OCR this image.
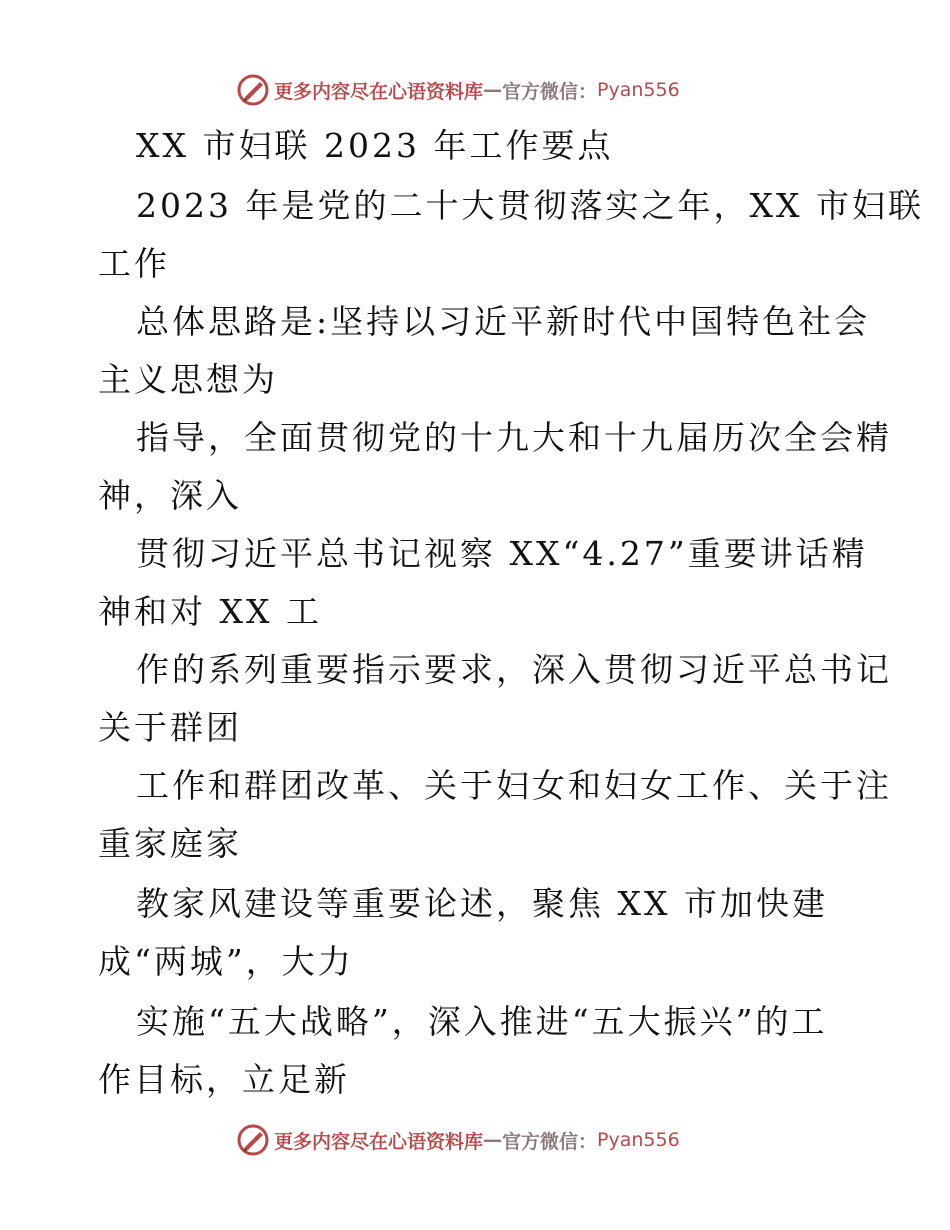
更多内容尽在心语资料库 — 官方微信： Pyan556
XX 市妇联 2023 年工作要点
2023 年是党的二十大贯彻落实之年，XX 市妇联
工作
总体思路是:坚持以习近平新时代中国特色社会
主义思想为
指导，全面贯彻党的十九大和十九届历次全会精
神，深入
贯彻习近平总书记视察 XX“4.27”重要讲话精
神和对 XX 工
作的系列重要指示要求，深入贯彻习近平总书记
关于群团
工作和群团改革、关于妇女和妇女工作、关于注
重家庭家
教家风建设等重要论述，聚焦 XX 市加快建
成“两城”，大力
实施“五大战略”，深入推进“五大振兴”的工
作目标，立足新
更多内容尽在心语资料库 — 官方微信： Pyan556
